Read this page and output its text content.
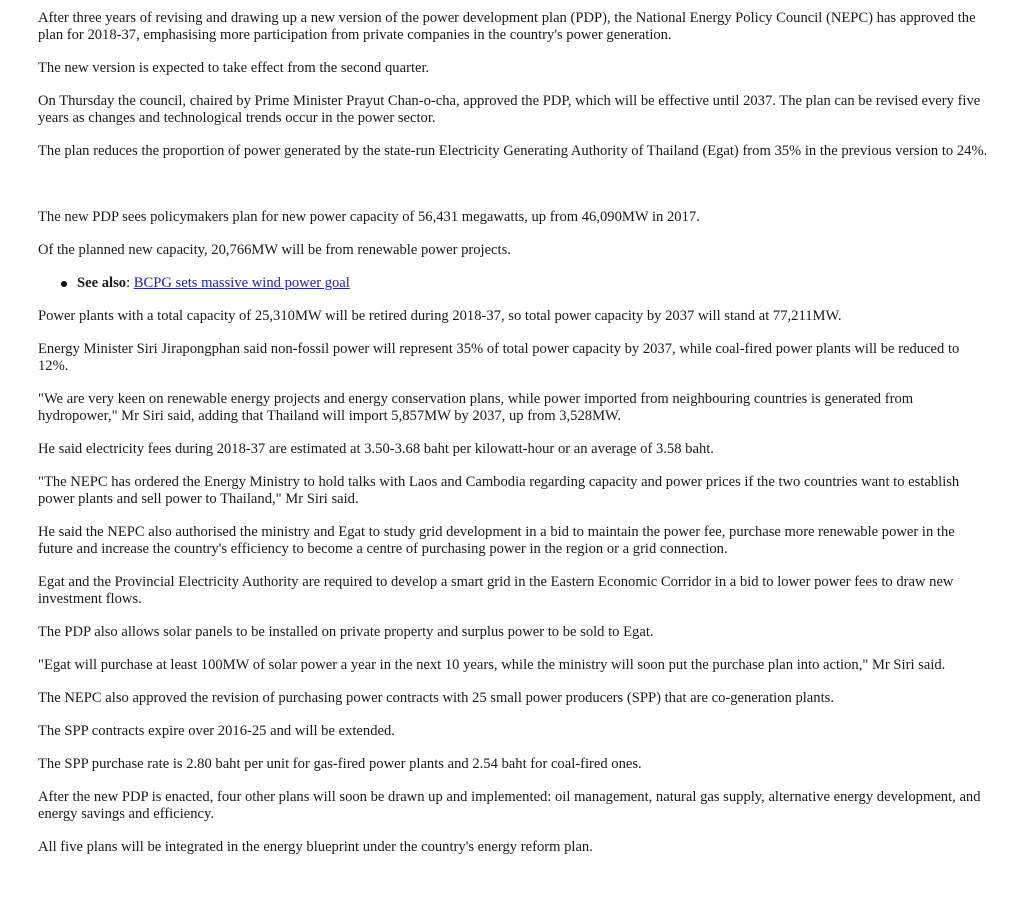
After three years of revising and drawing up a new version of the power development plan (PDP), the National Energy Policy Council (NEPC) has approved the plan for 2018-37, emphasising more participation from private companies in the country's power generation.

The new version is expected to take effect from the second quarter.

On Thursday the council, chaired by Prime Minister Prayut Chan-o-cha, approved the PDP, which will be effective until 2037. The plan can be revised every five years as changes and technological trends occur in the power sector.

The plan reduces the proportion of power generated by the state-run Electricity Generating Authority of Thailand (Egat) from 35% in the previous version to 24%.

The new PDP sees policymakers plan for new power capacity of 56,431 megawatts, up from 46,090MW in 2017.

Of the planned new capacity, 20,766MW will be from renewable power projects.

See also: BCPG sets massive wind power goal

Power plants with a total capacity of 25,310MW will be retired during 2018-37, so total power capacity by 2037 will stand at 77,211MW.

Energy Minister Siri Jirapongphan said non-fossil power will represent 35% of total power capacity by 2037, while coal-fired power plants will be reduced to 12%.

"We are very keen on renewable energy projects and energy conservation plans, while power imported from neighbouring countries is generated from hydropower," Mr Siri said, adding that Thailand will import 5,857MW by 2037, up from 3,528MW.

He said electricity fees during 2018-37 are estimated at 3.50-3.68 baht per kilowatt-hour or an average of 3.58 baht.

"The NEPC has ordered the Energy Ministry to hold talks with Laos and Cambodia regarding capacity and power prices if the two countries want to establish power plants and sell power to Thailand," Mr Siri said.

He said the NEPC also authorised the ministry and Egat to study grid development in a bid to maintain the power fee, purchase more renewable power in the future and increase the country's efficiency to become a centre of purchasing power in the region or a grid connection.

Egat and the Provincial Electricity Authority are required to develop a smart grid in the Eastern Economic Corridor in a bid to lower power fees to draw new investment flows.

The PDP also allows solar panels to be installed on private property and surplus power to be sold to Egat.

"Egat will purchase at least 100MW of solar power a year in the next 10 years, while the ministry will soon put the purchase plan into action," Mr Siri said.

The NEPC also approved the revision of purchasing power contracts with 25 small power producers (SPP) that are co-generation plants.

The SPP contracts expire over 2016-25 and will be extended.

The SPP purchase rate is 2.80 baht per unit for gas-fired power plants and 2.54 baht for coal-fired ones.

After the new PDP is enacted, four other plans will soon be drawn up and implemented: oil management, natural gas supply, alternative energy development, and energy savings and efficiency.

All five plans will be integrated in the energy blueprint under the country's energy reform plan.
